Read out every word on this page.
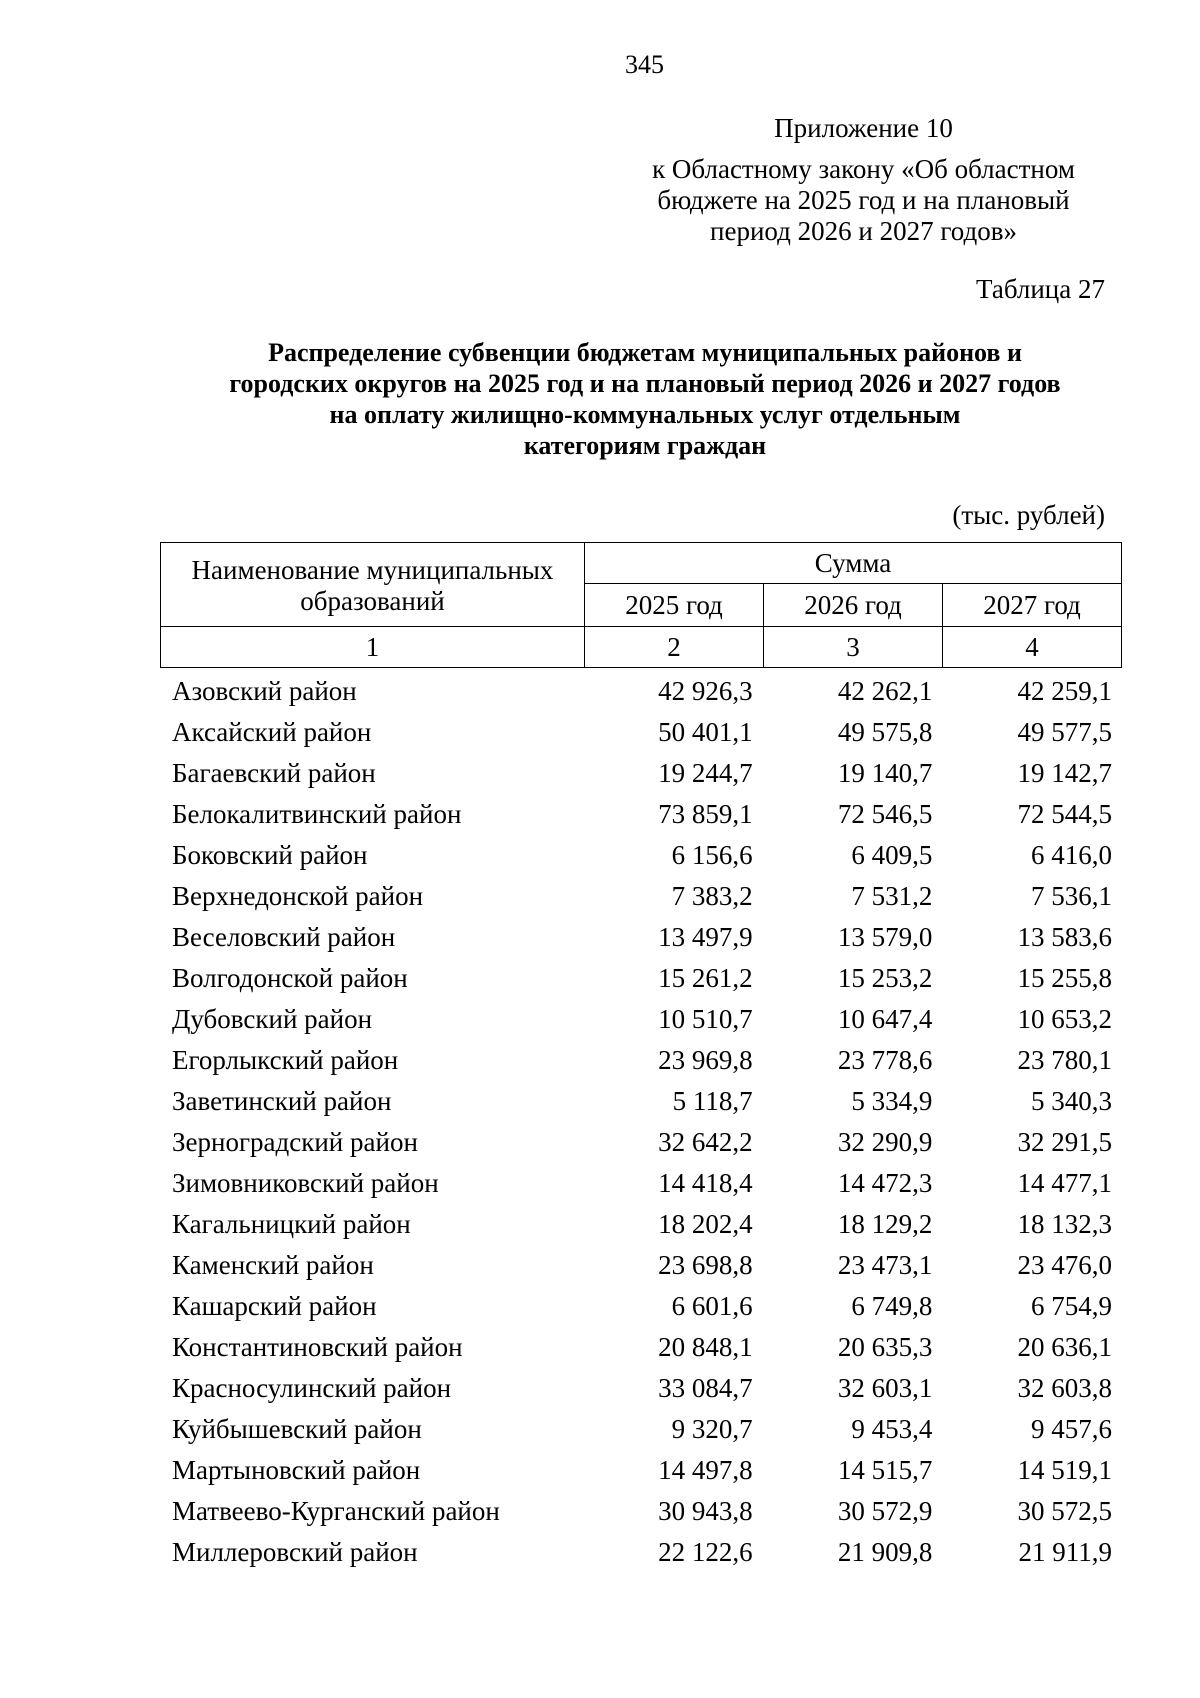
345
Приложение 10
к Областному закону «Об областном
бюджете на 2025 год и на плановый
период 2026 и 2027 годов»
Таблица 27
Распределение субвенции бюджетам муниципальных районов и
городских округов на 2025 год и на плановый период 2026 и 2027 годов
на оплату жилищно-коммунальных услуг отдельным
категориям граждан
(тыс. рублей)
Наименование муниципальных
образований	Сумма		
	2025 год	2026 год	2027 год
1	2	3	4
Азовский район	42 926,3	42 262,1	42 259,1
Аксайский район	50 401,1	49 575,8	49 577,5
Багаевский район	19 244,7	19 140,7	19 142,7
Белокалитвинский район	73 859,1	72 546,5	72 544,5
Боковский район	6 156,6	6 409,5	6 416,0
Верхнедонской район	7 383,2	7 531,2	7 536,1
Веселовский район	13 497,9	13 579,0	13 583,6
Волгодонской район	15 261,2	15 253,2	15 255,8
Дубовский район	10 510,7	10 647,4	10 653,2
Егорлыкский район	23 969,8	23 778,6	23 780,1
Заветинский район	5 118,7	5 334,9	5 340,3
Зерноградский район	32 642,2	32 290,9	32 291,5
Зимовниковский район	14 418,4	14 472,3	14 477,1
Кагальницкий район	18 202,4	18 129,2	18 132,3
Каменский район	23 698,8	23 473,1	23 476,0
Кашарский район	6 601,6	6 749,8	6 754,9
Константиновский район	20 848,1	20 635,3	20 636,1
Красносулинский район	33 084,7	32 603,1	32 603,8
Куйбышевский район	9 320,7	9 453,4	9 457,6
Мартыновский район	14 497,8	14 515,7	14 519,1
Матвеево-Курганский район	30 943,8	30 572,9	30 572,5
Миллеровский район	22 122,6	21 909,8	21 911,9
